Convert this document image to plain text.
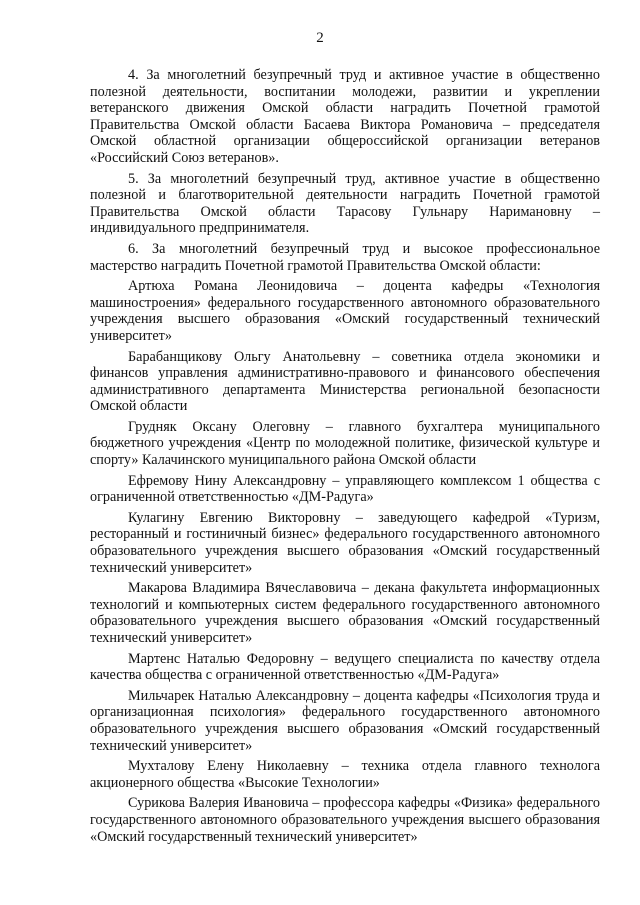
2

4. За многолетний безупречный труд и активное участие в общественно полезной деятельности, воспитании молодежи, развитии и укреплении ветеранского движения Омской области наградить Почетной грамотой Правительства Омской области Басаева Виктора Романовича – председателя Омской областной организации общероссийской организации ветеранов «Российский Союз ветеранов».

5. За многолетний безупречный труд, активное участие в общественно полезной и благотворительной деятельности наградить Почетной грамотой Правительства Омской области Тарасову Гульнару Наримановну – индивидуального предпринимателя.

6. За многолетний безупречный труд и высокое профессиональное мастерство наградить Почетной грамотой Правительства Омской области:

Артюха Романа Леонидовича – доцента кафедры «Технология машиностроения» федерального государственного автономного образовательного учреждения высшего образования «Омский государственный технический университет»

Барабанщикову Ольгу Анатольевну – советника отдела экономики и финансов управления административно-правового и финансового обеспечения административного департамента Министерства региональной безопасности Омской области

Грудняк Оксану Олеговну – главного бухгалтера муниципального бюджетного учреждения «Центр по молодежной политике, физической культуре и спорту» Калачинского муниципального района Омской области

Ефремову Нину Александровну – управляющего комплексом 1 общества с ограниченной ответственностью «ДМ-Радуга»

Кулагину Евгению Викторовну – заведующего кафедрой «Туризм, ресторанный и гостиничный бизнес» федерального государственного автономного образовательного учреждения высшего образования «Омский государственный технический университет»

Макарова Владимира Вячеславовича – декана факультета информационных технологий и компьютерных систем федерального государственного автономного образовательного учреждения высшего образования «Омский государственный технический университет»

Мартенс Наталью Федоровну – ведущего специалиста по качеству отдела качества общества с ограниченной ответственностью «ДМ-Радуга»

Мильчарек Наталью Александровну – доцента кафедры «Психология труда и организационная психология» федерального государственного автономного образовательного учреждения высшего образования «Омский государственный технический университет»

Мухталову Елену Николаевну – техника отдела главного технолога акционерного общества «Высокие Технологии»

Сурикова Валерия Ивановича – профессора кафедры «Физика» федерального государственного автономного образовательного учреждения высшего образования «Омский государственный технический университет»
